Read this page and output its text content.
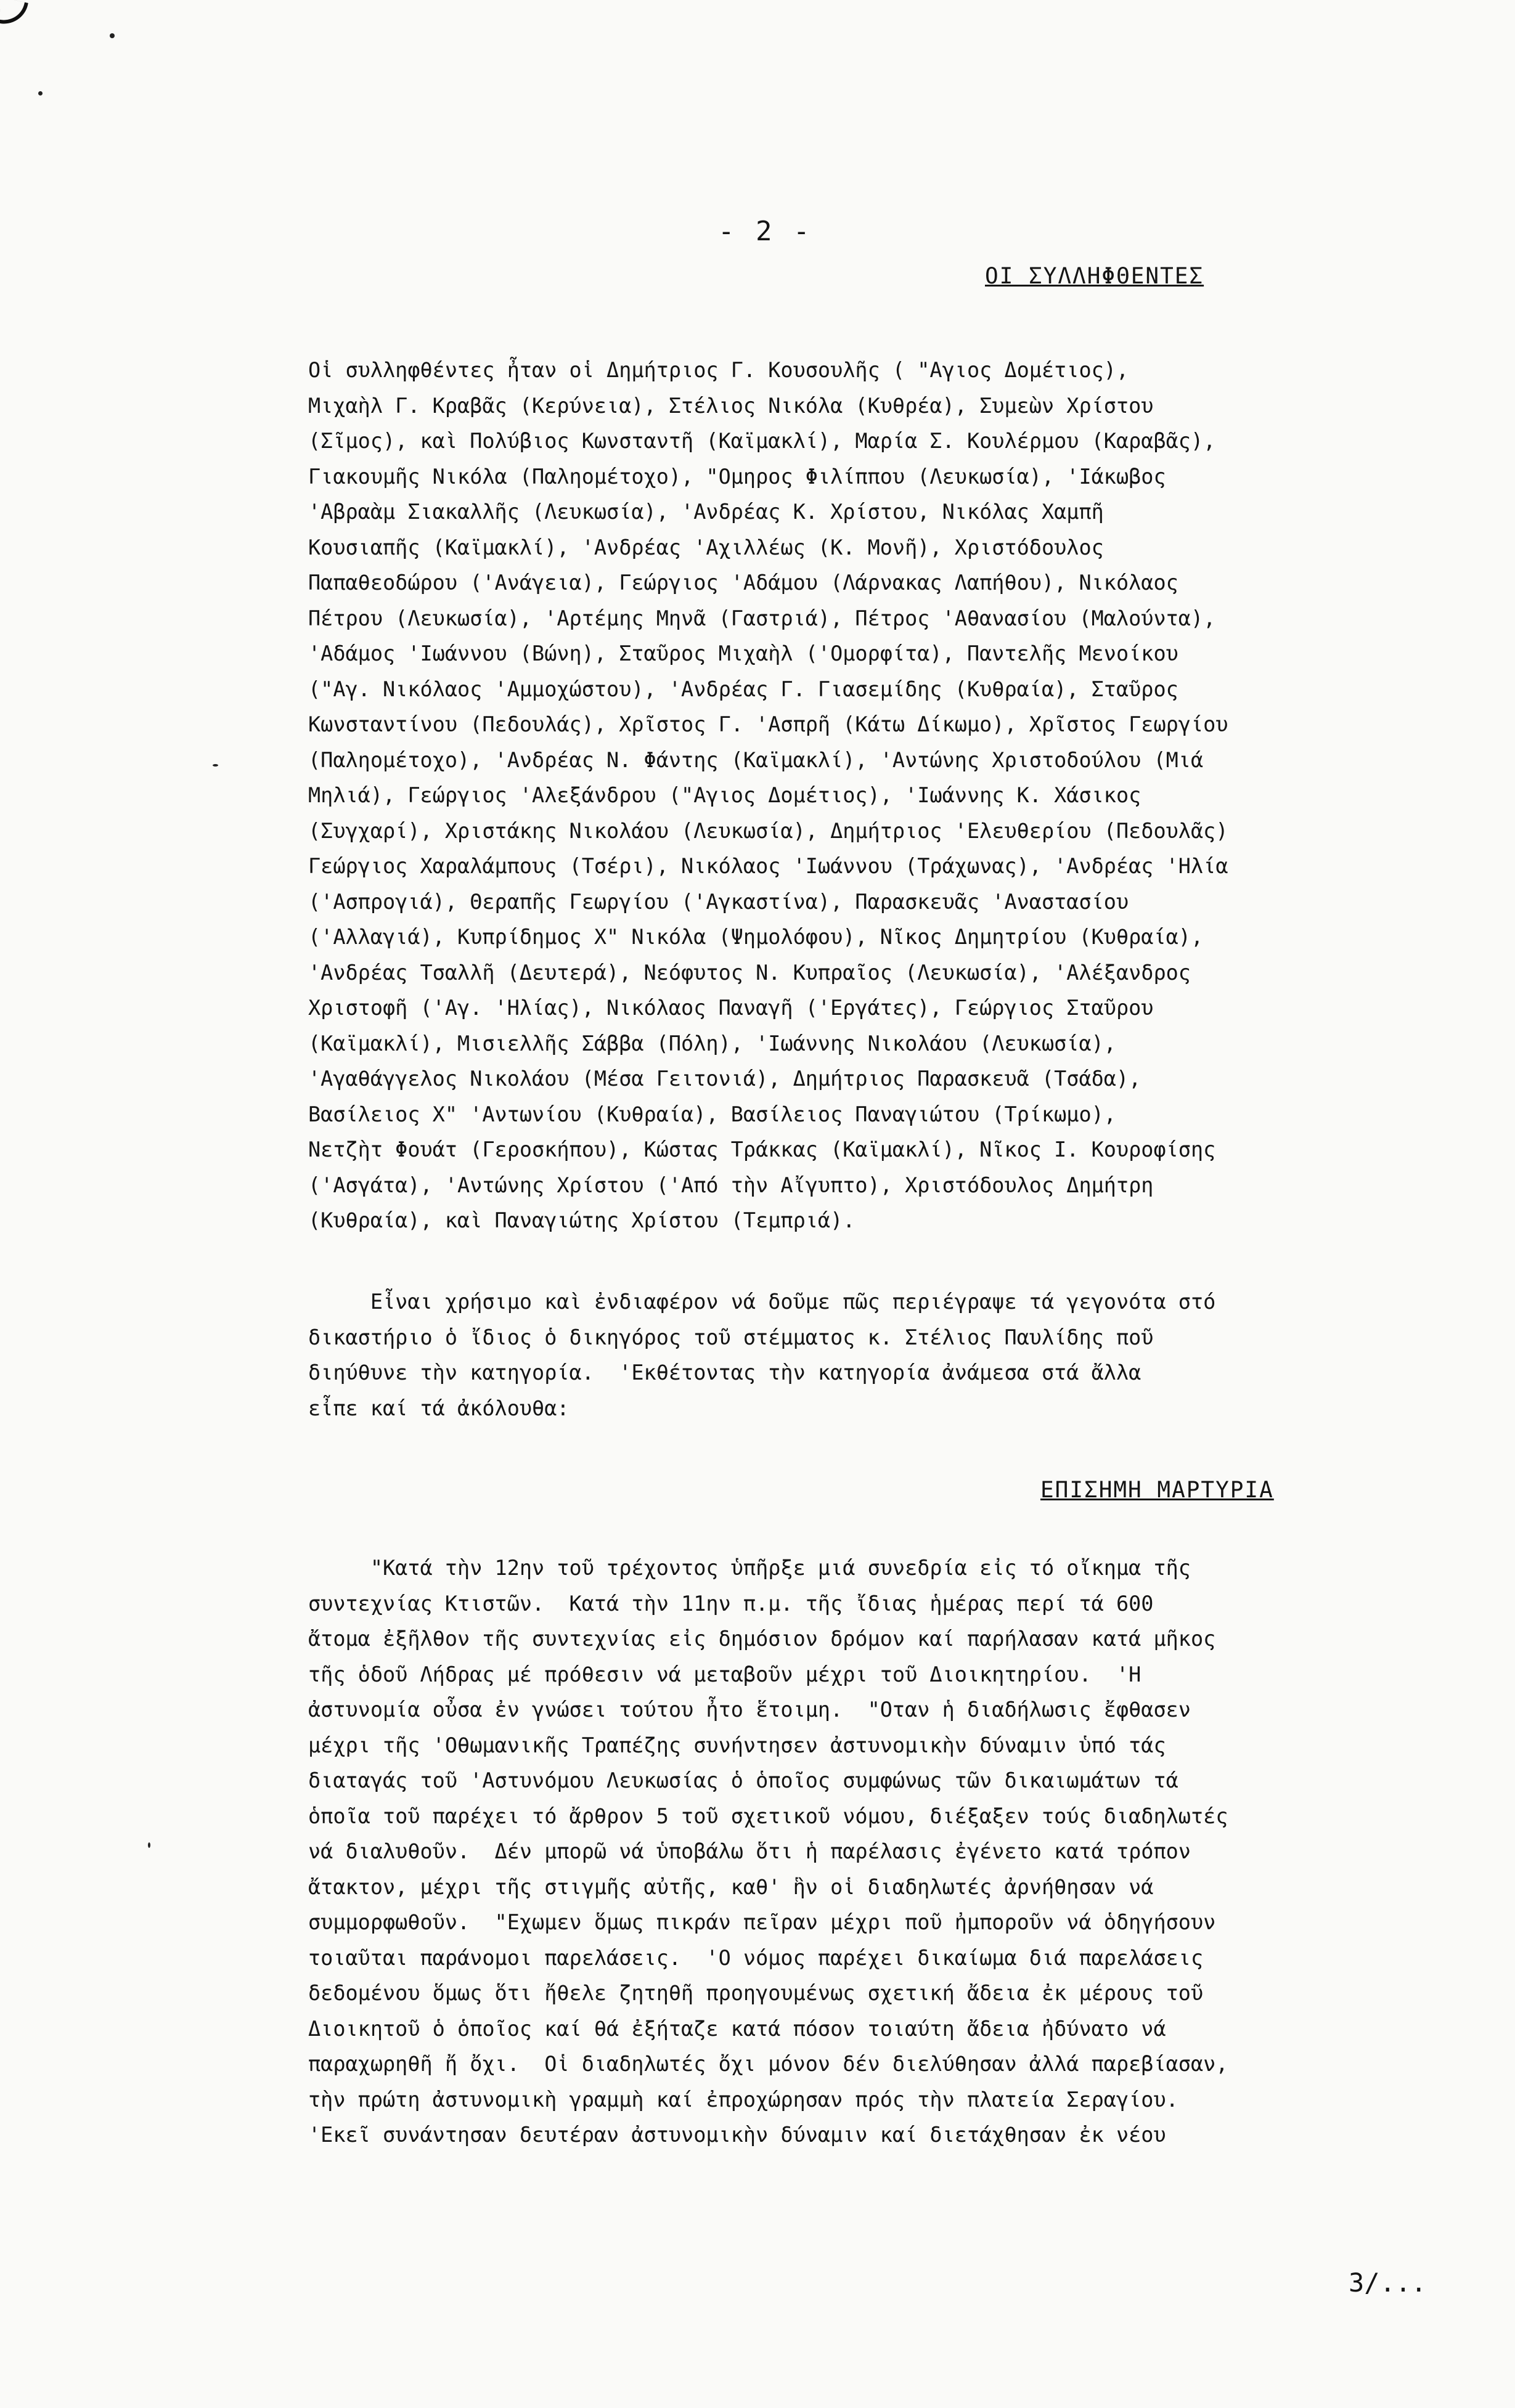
- 2 -
ΟΙ ΣΥΛΛΗΦΘΕΝΤΕΣ
Οἱ συλληφθέντες ἦταν οἱ Δημήτριος Γ. Κουσουλῆς ( "Αγιος Δομέτιος),
Μιχαὴλ Γ. Κραβᾶς (Κερύνεια), Στέλιος Νικόλα (Κυθρέα), Συμεὼν Χρίστου
(Σῖμος), καὶ Πολύβιος Κωνσταντῆ (Καϊμακλί), Μαρία Σ. Κουλέρμου (Καραβᾶς),
Γιακουμῆς Νικόλα (Παληομέτοχο), "Ομηρος Φιλίππου (Λευκωσία), 'Ιάκωβος
'Αβραὰμ Σιακαλλῆς (Λευκωσία), 'Ανδρέας Κ. Χρίστου, Νικόλας Χαμπῆ
Κουσιαπῆς (Καϊμακλί), 'Ανδρέας 'Αχιλλέως (Κ. Μονῆ), Χριστόδουλος
Παπαθεοδώρου ('Ανάγεια), Γεώργιος 'Αδάμου (Λάρνακας Λαπήθου), Νικόλαος
Πέτρου (Λευκωσία), 'Αρτέμης Μηνᾶ (Γαστριά), Πέτρος 'Αθανασίου (Μαλούντα),
'Αδάμος 'Ιωάννου (Βώνη), Σταῦρος Μιχαὴλ ('Ομορφίτα), Παντελῆς Μενοίκου
("Αγ. Νικόλαος 'Αμμοχώστου), 'Ανδρέας Γ. Γιασεμίδης (Κυθραία), Σταῦρος
Κωνσταντίνου (Πεδουλάς), Χρῖστος Γ. 'Ασπρῆ (Κάτω Δίκωμο), Χρῖστος Γεωργίου
(Παληομέτοχο), 'Ανδρέας Ν. Φάντης (Καϊμακλί), 'Αντώνης Χριστοδούλου (Μιά
Μηλιά), Γεώργιος 'Αλεξάνδρου ("Αγιος Δομέτιος), 'Ιωάννης Κ. Χάσικος
(Συγχαρί), Χριστάκης Νικολάου (Λευκωσία), Δημήτριος 'Ελευθερίου (Πεδουλᾶς)
Γεώργιος Χαραλάμπους (Τσέρι), Νικόλαος 'Ιωάννου (Τράχωνας), 'Ανδρέας 'Ηλία
('Ασπρογιά), Θεραπῆς Γεωργίου ('Αγκαστίνα), Παρασκευᾶς 'Αναστασίου
('Αλλαγιά), Κυπρίδημος Χ" Νικόλα (Ψημολόφου), Νῖκος Δημητρίου (Κυθραία),
'Ανδρέας Τσαλλῆ (Δευτερά), Νεόφυτος Ν. Κυπραῖος (Λευκωσία), 'Αλέξανδρος
Χριστοφῆ ('Αγ. 'Ηλίας), Νικόλαος Παναγῆ ('Εργάτες), Γεώργιος Σταῦρου
(Καϊμακλί), Μισιελλῆς Σάββα (Πόλη), 'Ιωάννης Νικολάου (Λευκωσία),
'Αγαθάγγελος Νικολάου (Μέσα Γειτονιά), Δημήτριος Παρασκευᾶ (Τσάδα),
Βασίλειος Χ" 'Αντωνίου (Κυθραία), Βασίλειος Παναγιώτου (Τρίκωμο),
Νετζὴτ Φουάτ (Γεροσκήπου), Κώστας Τράκκας (Καϊμακλί), Νῖκος Ι. Κουροφίσης
('Ασγάτα), 'Αντώνης Χρίστου ('Από τὴν Αἴγυπτο), Χριστόδουλος Δημήτρη
(Κυθραία), καὶ Παναγιώτης Χρίστου (Τεμπριά).
Εἶναι χρήσιμο καὶ ἐνδιαφέρον νά δοῦμε πῶς περιέγραψε τά γεγονότα στό
δικαστήριο ὁ ἴδιος ὁ δικηγόρος τοῦ στέμματος κ. Στέλιος Παυλίδης ποῦ
διηύθυνε τὴν κατηγορία.  'Εκθέτοντας τὴν κατηγορία ἀνάμεσα στά ἄλλα
εἶπε καί τά ἀκόλουθα:
ΕΠΙΣΗΜΗ ΜΑΡΤΥΡΙΑ
"Κατά τὴν 12ην τοῦ τρέχοντος ὑπῆρξε μιά συνεδρία εἰς τό οἴκημα τῆς
συντεχνίας Κτιστῶν.  Κατά τὴν 11ην π.μ. τῆς ἴδιας ἡμέρας περί τά 600
ἄτομα ἐξῆλθον τῆς συντεχνίας εἰς δημόσιον δρόμον καί παρήλασαν κατά μῆκος
τῆς ὁδοῦ Λήδρας μέ πρόθεσιν νά μεταβοῦν μέχρι τοῦ Διοικητηρίου.  'Η
ἀστυνομία οὖσα ἐν γνώσει τούτου ἦτο ἕτοιμη.  "Οταν ἡ διαδήλωσις ἔφθασεν
μέχρι τῆς 'Οθωμανικῆς Τραπέζης συνήντησεν ἀστυνομικὴν δύναμιν ὑπό τάς
διαταγάς τοῦ 'Αστυνόμου Λευκωσίας ὁ ὁποῖος συμφώνως τῶν δικαιωμάτων τά
ὁποῖα τοῦ παρέχει τό ἄρθρον 5 τοῦ σχετικοῦ νόμου, διέξαξεν τούς διαδηλωτές
νά διαλυθοῦν.  Δέν μπορῶ νά ὑποβάλω ὅτι ἡ παρέλασις ἐγένετο κατά τρόπον
ἄτακτον, μέχρι τῆς στιγμῆς αὐτῆς, καθ' ἣν οἱ διαδηλωτές ἀρνήθησαν νά
συμμορφωθοῦν.  "Εχωμεν ὅμως πικράν πεῖραν μέχρι ποῦ ἠμποροῦν νά ὁδηγήσουν
τοιαῦται παράνομοι παρελάσεις.  'Ο νόμος παρέχει δικαίωμα διά παρελάσεις
δεδομένου ὅμως ὅτι ἤθελε ζητηθῆ προηγουμένως σχετική ἄδεια ἐκ μέρους τοῦ
Διοικητοῦ ὁ ὁποῖος καί θά ἐξήταζε κατά πόσον τοιαύτη ἄδεια ἠδύνατο νά
παραχωρηθῆ ἤ ὄχι.  Οἱ διαδηλωτές ὄχι μόνον δέν διελύθησαν ἀλλά παρεβίασαν,
τὴν πρώτη ἀστυνομικὴ γραμμὴ καί ἐπροχώρησαν πρός τὴν πλατεία Σεραγίου.
'Εκεῖ συνάντησαν δευτέραν ἀστυνομικὴν δύναμιν καί διετάχθησαν ἐκ νέου
3/...
